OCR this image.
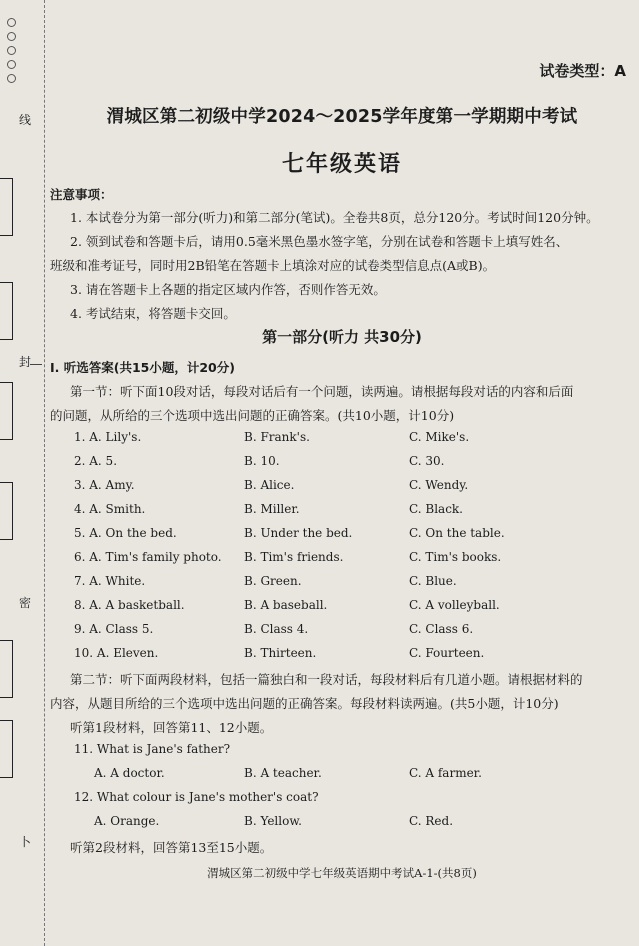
线
封
密
卜
试卷类型：A
渭城区第二初级中学2024～2025学年度第一学期期中考试
七年级英语
注意事项：
1. 本试卷分为第一部分(听力)和第二部分(笔试)。全卷共8页，总分120分。考试时间120分钟。
2. 领到试卷和答题卡后，请用0.5毫米黑色墨水签字笔，分别在试卷和答题卡上填写姓名、
班级和准考证号，同时用2B铅笔在答题卡上填涂对应的试卷类型信息点(A或B)。
3. 请在答题卡上各题的指定区域内作答，否则作答无效。
4. 考试结束，将答题卡交回。
第一部分(听力 共30分)
Ⅰ. 听选答案(共15小题，计20分)
第一节：听下面10段对话，每段对话后有一个问题，读两遍。请根据每段对话的内容和后面
的问题，从所给的三个选项中选出问题的正确答案。(共10小题，计10分)
1. A. Lily's.	B. Frank's.	C. Mike's.
2. A. 5.	B. 10.	C. 30.
3. A. Amy.	B. Alice.	C. Wendy.
4. A. Smith.	B. Miller.	C. Black.
5. A. On the bed.	B. Under the bed.	C. On the table.
6. A. Tim's family photo. B. Tim's friends.	C. Tim's books.
7. A. White.	B. Green.	C. Blue.
8. A. A basketball.	B. A baseball.	C. A volleyball.
9. A. Class 5.	B. Class 4.	C. Class 6.
10. A. Eleven.	B. Thirteen.	C. Fourteen.
第二节：听下面两段材料，包括一篇独白和一段对话，每段材料后有几道小题。请根据材料的
内容，从题目所给的三个选项中选出问题的正确答案。每段材料读两遍。(共5小题，计10分)
听第1段材料，回答第11、12小题。
11. What is Jane's father?
A. A doctor.	B. A teacher.	C. A farmer.
12. What colour is Jane's mother's coat?
A. Orange.	B. Yellow.	C. Red.
听第2段材料，回答第13至15小题。
渭城区第二初级中学七年级英语期中考试A-1-(共8页)
